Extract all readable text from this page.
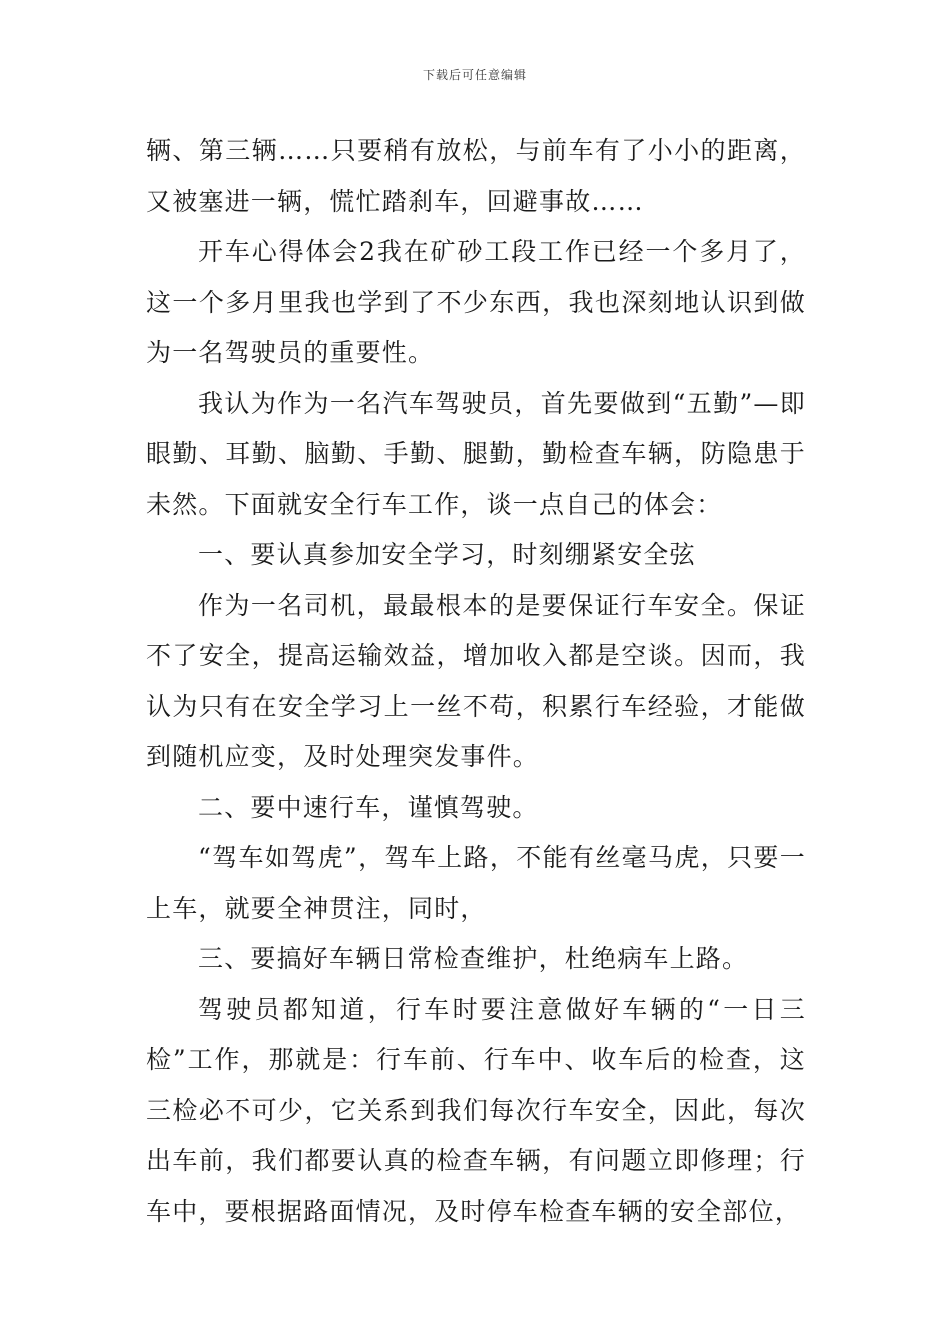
下载后可任意编辑

辆、第三辆……只要稍有放松，与前车有了小小的距离，又被塞进一辆，慌忙踏刹车，回避事故……

开车心得体会2我在矿砂工段工作已经一个多月了，这一个多月里我也学到了不少东西，我也深刻地认识到做为一名驾驶员的重要性。

我认为作为一名汽车驾驶员，首先要做到“五勤”—即眼勤、耳勤、脑勤、手勤、腿勤，勤检查车辆，防隐患于未然。下面就安全行车工作，谈一点自己的体会：

一、要认真参加安全学习，时刻绷紧安全弦

作为一名司机，最最根本的是要保证行车安全。保证不了安全，提高运输效益，增加收入都是空谈。因而，我认为只有在安全学习上一丝不苟，积累行车经验，才能做到随机应变，及时处理突发事件。

二、要中速行车，谨慎驾驶。

“驾车如驾虎”，驾车上路，不能有丝毫马虎，只要一上车，就要全神贯注，同时，

三、要搞好车辆日常检查维护，杜绝病车上路。

驾驶员都知道，行车时要注意做好车辆的“一日三检”工作，那就是：行车前、行车中、收车后的检查，这三检必不可少，它关系到我们每次行车安全，因此，每次出车前，我们都要认真的检查车辆，有问题立即修理；行车中，要根据路面情况，及时停车检查车辆的安全部位，
